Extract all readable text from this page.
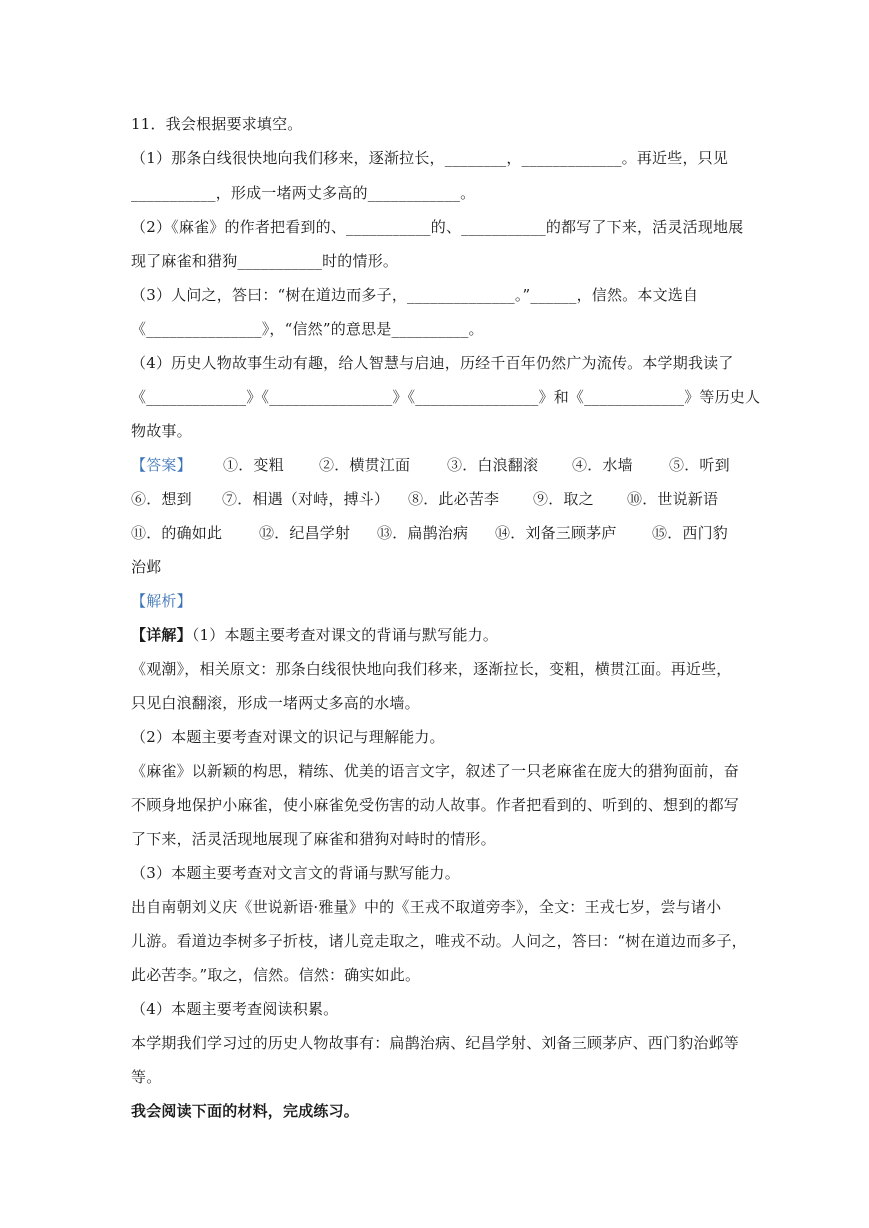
11．我会根据要求填空。
（1）那条白线很快地向我们移来，逐渐拉长，________，_____________。再近些，只见
___________，形成一堵两丈多高的____________。
（2）《麻雀》的作者把看到的、___________的、___________的都写了下来，活灵活现地展
现了麻雀和猎狗___________时的情形。
（3）人问之，答曰：“树在道边而多子，______________。”______，信然。本文选自
《_______________》，“信然”的意思是__________。
（4）历史人物故事生动有趣，给人智慧与启迪，历经千百年仍然广为流传。本学期我读了
《_____________》《________________》《________________》和《_____________》等历史人
物故事。
【答案】 ①．变粗 ②．横贯江面 ③．白浪翻滚 ④．水墙 ⑤．听到
⑥．想到 ⑦．相遇（对峙，搏斗） ⑧．此必苦李 ⑨．取之 ⑩．世说新语
⑪．的确如此 ⑫．纪昌学射 ⑬．扁鹊治病 ⑭．刘备三顾茅庐 ⑮．西门豹
治邺
【解析】
【详解】（1）本题主要考查对课文的背诵与默写能力。
《观潮》，相关原文：那条白线很快地向我们移来，逐渐拉长，变粗，横贯江面。再近些，
只见白浪翻滚，形成一堵两丈多高的水墙。
（2）本题主要考查对课文的识记与理解能力。
《麻雀》以新颖的构思，精练、优美的语言文字，叙述了一只老麻雀在庞大的猎狗面前，奋
不顾身地保护小麻雀，使小麻雀免受伤害的动人故事。作者把看到的、听到的、想到的都写
了下来，活灵活现地展现了麻雀和猎狗对峙时的情形。
（3）本题主要考查对文言文的背诵与默写能力。
出自南朝刘义庆《世说新语·雅量》中的《王戎不取道旁李》，全文：王戎七岁，尝与诸小
儿游。看道边李树多子折枝，诸儿竞走取之，唯戎不动。人问之，答曰：“树在道边而多子，
此必苦李。”取之，信然。信然：确实如此。
（4）本题主要考查阅读积累。
本学期我们学习过的历史人物故事有：扁鹊治病、纪昌学射、刘备三顾茅庐、西门豹治邺等
等。
我会阅读下面的材料，完成练习。
